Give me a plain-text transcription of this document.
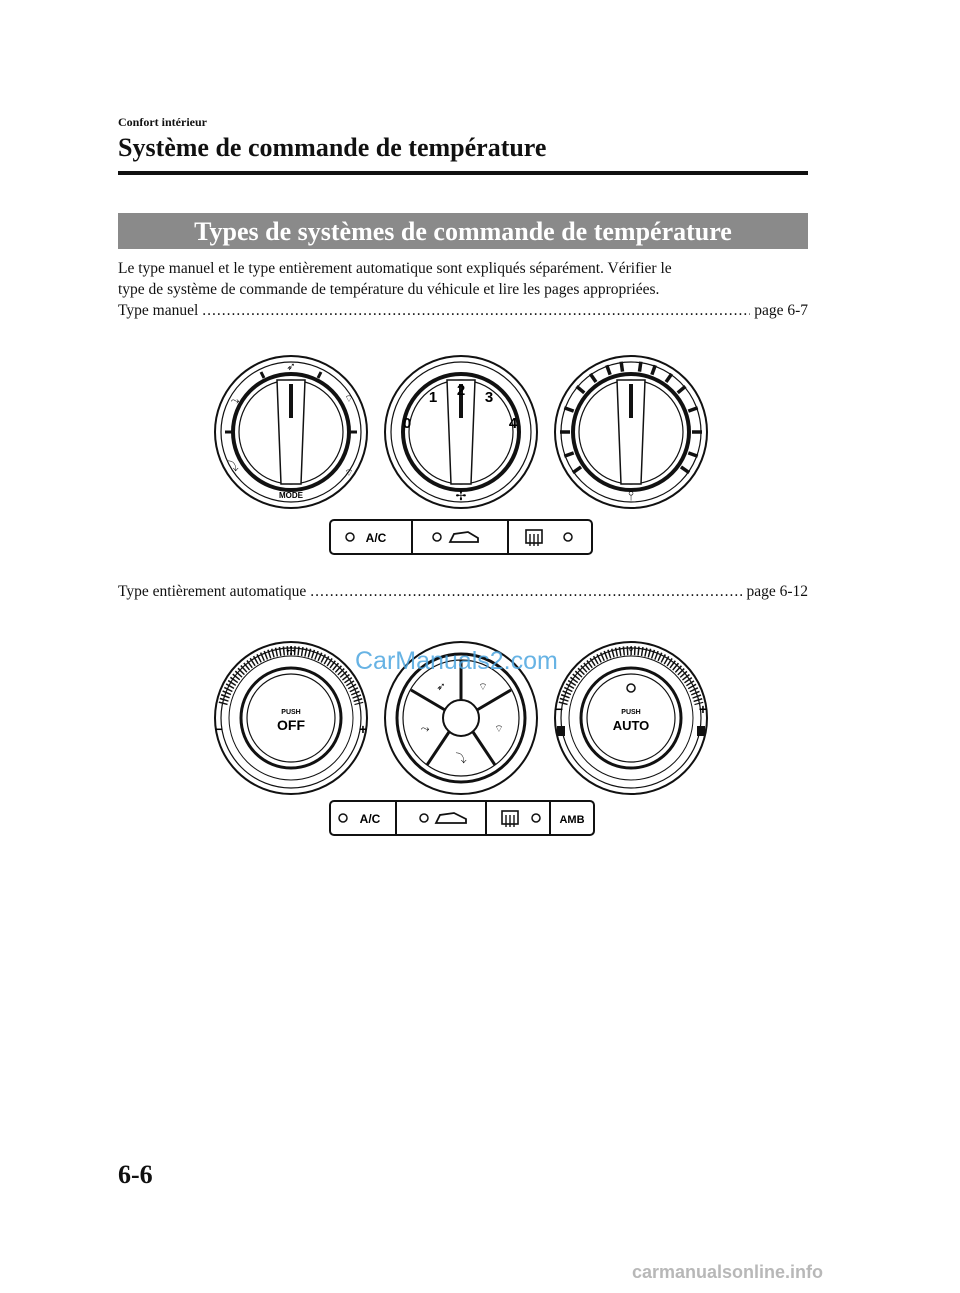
Confort intérieur
Système de commande de température
Types de systèmes de commande de température

Le type manuel et le type entièrement automatique sont expliqués séparément. Vérifier le

type de système de commande de température du véhicule et lire les pages appropriées.

Type manuel .....	page 6-7
➶
⤳
⤵
⌔
⌔
MODE
0
1 2 3
4
✢	⫯
A/C
Type entièrement automatique .....	page 6-12
✢
−	+
PUSH
OFF
➶	⌔
⤳	⌔
⤵
⫯
−	+
PUSH
AUTO
A/C	AMB
CarManuals2.com
6-6
carmanualsonline.info
